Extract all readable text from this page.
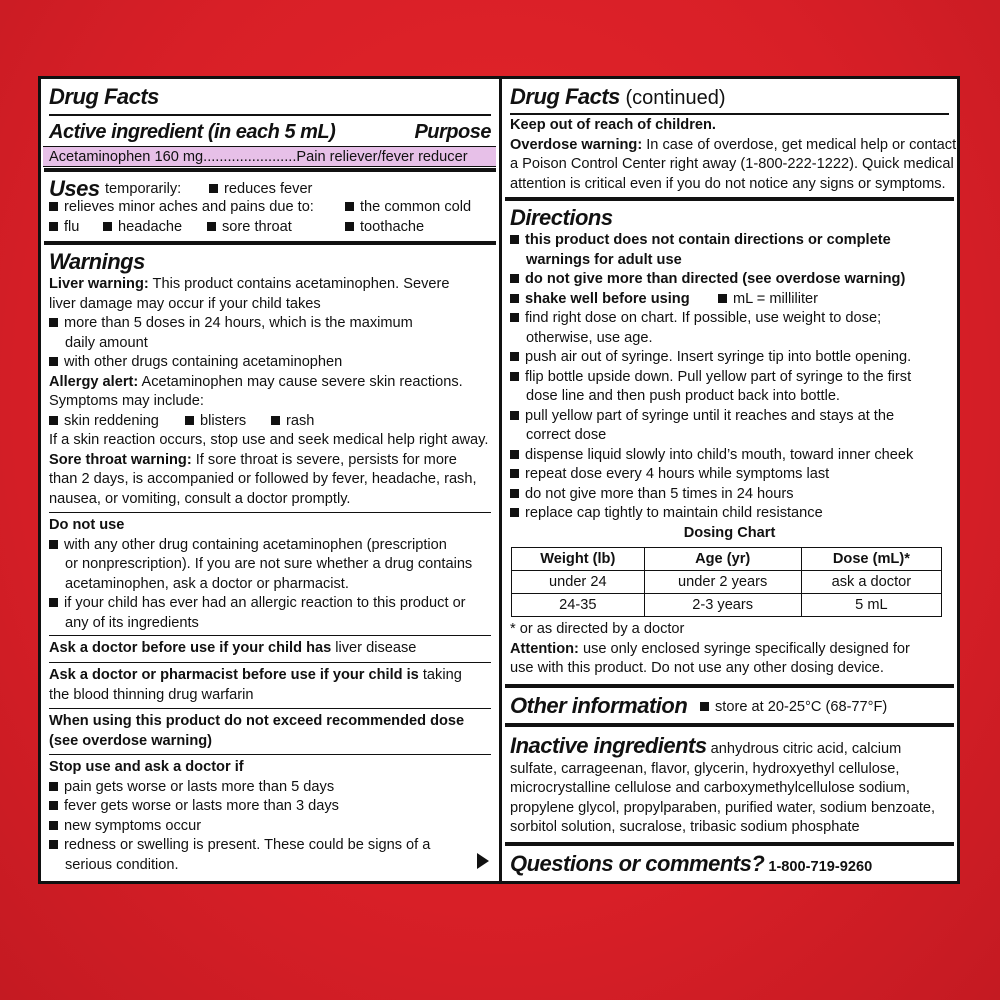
Drug Facts
Active ingredient (in each 5 mL)	Purpose
Acetaminophen 160 mg.......................Pain reliever/fever reducer
Uses temporarily:	reduces fever
relieves minor aches and pains due to:	the common cold
flu	headache	sore throat	toothache
Warnings
Liver warning: This product contains acetaminophen. Severe
liver damage may occur if your child takes
more than 5 doses in 24 hours, which is the maximum
daily amount
with other drugs containing acetaminophen
Allergy alert: Acetaminophen may cause severe skin reactions.
Symptoms may include:
skin reddening	blisters	rash
If a skin reaction occurs, stop use and seek medical help right away.
Sore throat warning: If sore throat is severe, persists for more
than 2 days, is accompanied or followed by fever, headache, rash,
nausea, or vomiting, consult a doctor promptly.
Do not use
with any other drug containing acetaminophen (prescription
or nonprescription). If you are not sure whether a drug contains
acetaminophen, ask a doctor or pharmacist.
if your child has ever had an allergic reaction to this product or
any of its ingredients
Ask a doctor before use if your child has liver disease
Ask a doctor or pharmacist before use if your child is taking
the blood thinning drug warfarin
When using this product do not exceed recommended dose
(see overdose warning)
Stop use and ask a doctor if
pain gets worse or lasts more than 5 days
fever gets worse or lasts more than 3 days
new symptoms occur
redness or swelling is present. These could be signs of a
serious condition.
Drug Facts (continued)
Keep out of reach of children.
Overdose warning: In case of overdose, get medical help or contact
a Poison Control Center right away (1-800-222-1222). Quick medical
attention is critical even if you do not notice any signs or symptoms.
Directions
this product does not contain directions or complete
warnings for adult use
do not give more than directed (see overdose warning)
shake well before using	mL = milliliter
find right dose on chart. If possible, use weight to dose;
otherwise, use age.
push air out of syringe. Insert syringe tip into bottle opening.
flip bottle upside down. Pull yellow part of syringe to the first
dose line and then push product back into bottle.
pull yellow part of syringe until it reaches and stays at the
correct dose
dispense liquid slowly into child’s mouth, toward inner cheek
repeat dose every 4 hours while symptoms last
do not give more than 5 times in 24 hours
replace cap tightly to maintain child resistance
Dosing Chart
Weight (lb)	Age (yr)	Dose (mL)*
under 24	under 2 years	ask a doctor
24-35	2-3 years	5 mL
* or as directed by a doctor
Attention: use only enclosed syringe specifically designed for
use with this product. Do not use any other dosing device.
Other information	store at 20-25°C (68-77°F)
Inactive ingredients anhydrous citric acid, calcium
sulfate, carrageenan, flavor, glycerin, hydroxyethyl cellulose,
microcrystalline cellulose and carboxymethylcellulose sodium,
propylene glycol, propylparaben, purified water, sodium benzoate,
sorbitol solution, sucralose, tribasic sodium phosphate
Questions or comments? 1-800-719-9260
